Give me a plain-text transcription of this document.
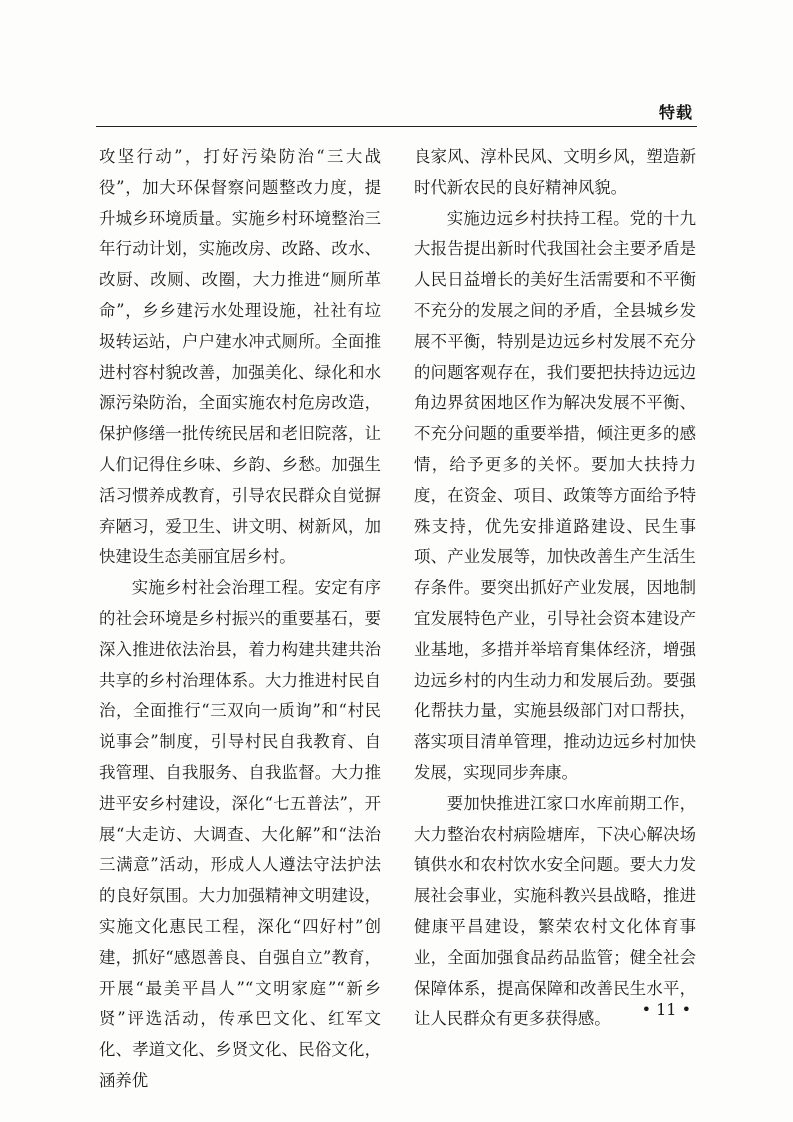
特载

攻坚行动”，打好污染防治“三大战役”，加大环保督察问题整改力度，提升城乡环境质量。实施乡村环境整治三年行动计划，实施改房、改路、改水、改厨、改厕、改圈，大力推进“厕所革命”，乡乡建污水处理设施，社社有垃圾转运站，户户建水冲式厕所。全面推进村容村貌改善，加强美化、绿化和水源污染防治，全面实施农村危房改造，保护修缮一批传统民居和老旧院落，让人们记得住乡味、乡韵、乡愁。加强生活习惯养成教育，引导农民群众自觉摒弃陋习，爱卫生、讲文明、树新风，加快建设生态美丽宜居乡村。

实施乡村社会治理工程。安定有序的社会环境是乡村振兴的重要基石，要深入推进依法治县，着力构建共建共治共享的乡村治理体系。大力推进村民自治，全面推行“三双向一质询”和“村民说事会”制度，引导村民自我教育、自我管理、自我服务、自我监督。大力推进平安乡村建设，深化“七五普法”，开展“大走访、大调查、大化解”和“法治三满意”活动，形成人人遵法守法护法的良好氛围。大力加强精神文明建设，实施文化惠民工程，深化“四好村”创建，抓好“感恩善良、自强自立”教育，开展“最美平昌人”“文明家庭”“新乡贤”评选活动，传承巴文化、红军文化、孝道文化、乡贤文化、民俗文化，涵养优

良家风、淳朴民风、文明乡风，塑造新时代新农民的良好精神风貌。

实施边远乡村扶持工程。党的十九大报告提出新时代我国社会主要矛盾是人民日益增长的美好生活需要和不平衡不充分的发展之间的矛盾，全县城乡发展不平衡，特别是边远乡村发展不充分的问题客观存在，我们要把扶持边远边角边界贫困地区作为解决发展不平衡、不充分问题的重要举措，倾注更多的感情，给予更多的关怀。要加大扶持力度，在资金、项目、政策等方面给予特殊支持，优先安排道路建设、民生事项、产业发展等，加快改善生产生活生存条件。要突出抓好产业发展，因地制宜发展特色产业，引导社会资本建设产业基地，多措并举培育集体经济，增强边远乡村的内生动力和发展后劲。要强化帮扶力量，实施县级部门对口帮扶，落实项目清单管理，推动边远乡村加快发展，实现同步奔康。

要加快推进江家口水库前期工作，大力整治农村病险塘库，下决心解决场镇供水和农村饮水安全问题。要大力发展社会事业，实施科教兴县战略，推进健康平昌建设，繁荣农村文化体育事业，全面加强食品药品监管；健全社会保障体系，提高保障和改善民生水平，让人民群众有更多获得感。	• 11 •
